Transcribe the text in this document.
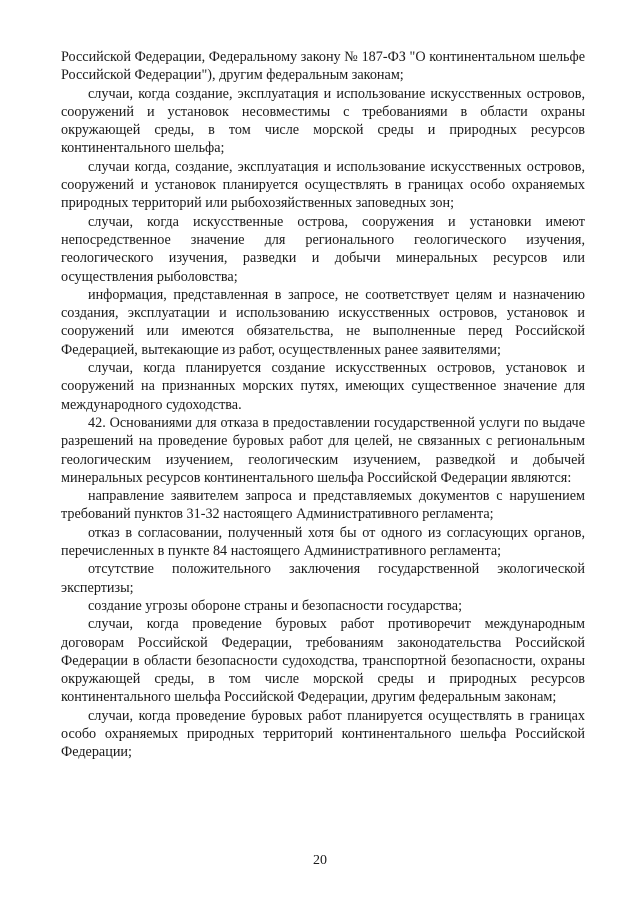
Российской Федерации, Федеральному закону № 187-ФЗ "О континентальном шельфе Российской Федерации"), другим федеральным законам;

случаи, когда создание, эксплуатация и использование искусственных островов, сооружений и установок несовместимы с требованиями в области охраны окружающей среды, в том числе морской среды и природных ресурсов континентального шельфа;

случаи когда, создание, эксплуатация и использование искусственных островов, сооружений и установок планируется осуществлять в границах особо охраняемых природных территорий или рыбохозяйственных заповедных зон;

случаи, когда искусственные острова, сооружения и установки имеют непосредственное значение для регионального геологического изучения, геологического изучения, разведки и добычи минеральных ресурсов или осуществления рыболовства;

информация, представленная в запросе, не соответствует целям и назначению создания, эксплуатации и использованию искусственных островов, установок и сооружений или имеются обязательства, не выполненные перед Российской Федерацией, вытекающие из работ, осуществленных ранее заявителями;

случаи, когда планируется создание искусственных островов, установок и сооружений на признанных морских путях, имеющих существенное значение для международного судоходства.

42. Основаниями для отказа в предоставлении государственной услуги по выдаче разрешений на проведение буровых работ для целей, не связанных с региональным геологическим изучением, геологическим изучением, разведкой и добычей минеральных ресурсов континентального шельфа Российской Федерации являются:

направление заявителем запроса и представляемых документов с нарушением требований пунктов 31-32 настоящего Административного регламента;

отказ в согласовании, полученный хотя бы от одного из согласующих органов, перечисленных в пункте 84 настоящего Административного регламента;

отсутствие положительного заключения государственной экологической экспертизы;

создание угрозы обороне страны и безопасности государства;

случаи, когда проведение буровых работ противоречит международным договорам Российской Федерации, требованиям законодательства Российской Федерации в области безопасности судоходства, транспортной безопасности, охраны окружающей среды, в том числе морской среды и природных ресурсов континентального шельфа Российской Федерации, другим федеральным законам;

случаи, когда проведение буровых работ планируется осуществлять в границах особо охраняемых природных территорий континентального шельфа Российской Федерации;

20
